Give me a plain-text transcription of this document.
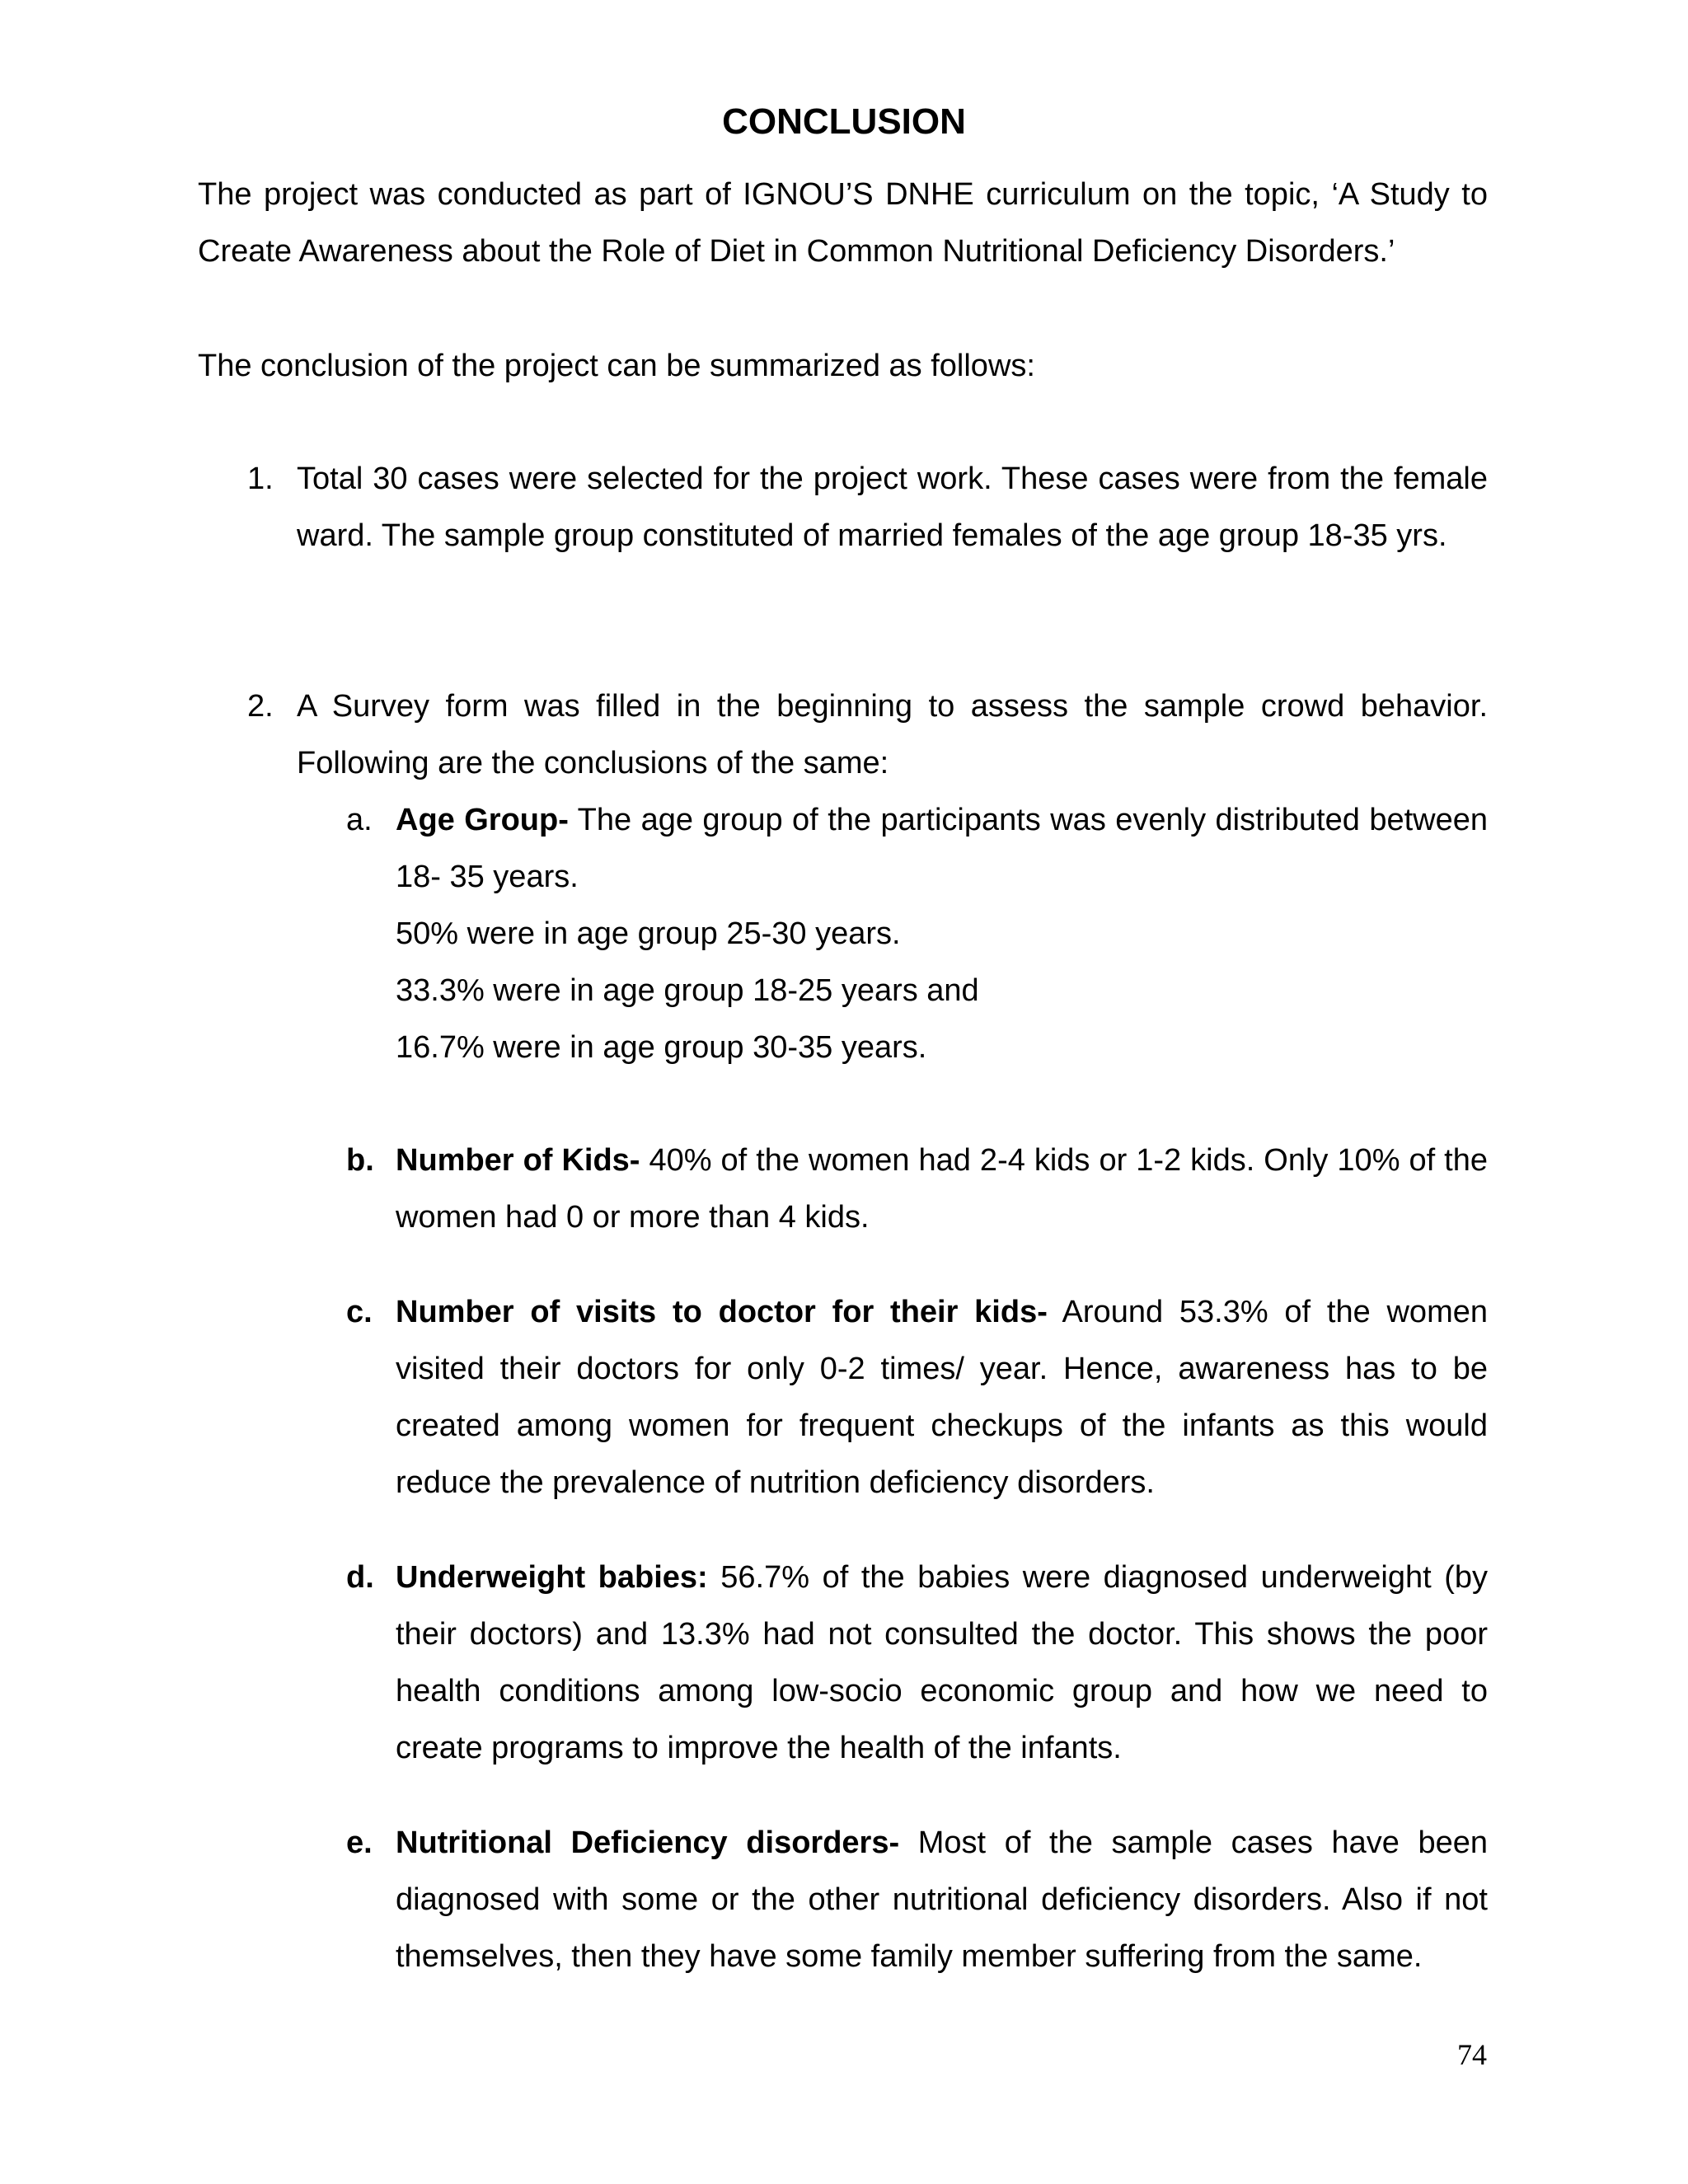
CONCLUSION

The project was conducted as part of IGNOU’S DNHE curriculum on the topic, ‘A Study to Create Awareness about the Role of Diet in Common Nutritional Deficiency Disorders.’

The conclusion of the project can be summarized as follows:

1. Total 30 cases were selected for the project work. These cases were from the female ward. The sample group constituted of married females of the age group 18-35 yrs.
2. A Survey form was filled in the beginning to assess the sample crowd behavior. Following are the conclusions of the same:
a. Age Group- The age group of the participants was evenly distributed between 18- 35 years.
50% were in age group 25-30 years.
33.3% were in age group 18-25 years and
16.7% were in age group 30-35 years.
b. Number of Kids- 40% of the women had 2-4 kids or 1-2 kids. Only 10% of the women had 0 or more than 4 kids.
c. Number of visits to doctor for their kids- Around 53.3% of the women visited their doctors for only 0-2 times/ year. Hence, awareness has to be created among women for frequent checkups of the infants as this would reduce the prevalence of nutrition deficiency disorders.
d. Underweight babies: 56.7% of the babies were diagnosed underweight (by their doctors) and 13.3% had not consulted the doctor. This shows the poor health conditions among low-socio economic group and how we need to create programs to improve the health of the infants.
e. Nutritional Deficiency disorders- Most of the sample cases have been diagnosed with some or the other nutritional deficiency disorders. Also if not themselves, then they have some family member suffering from the same.
74
